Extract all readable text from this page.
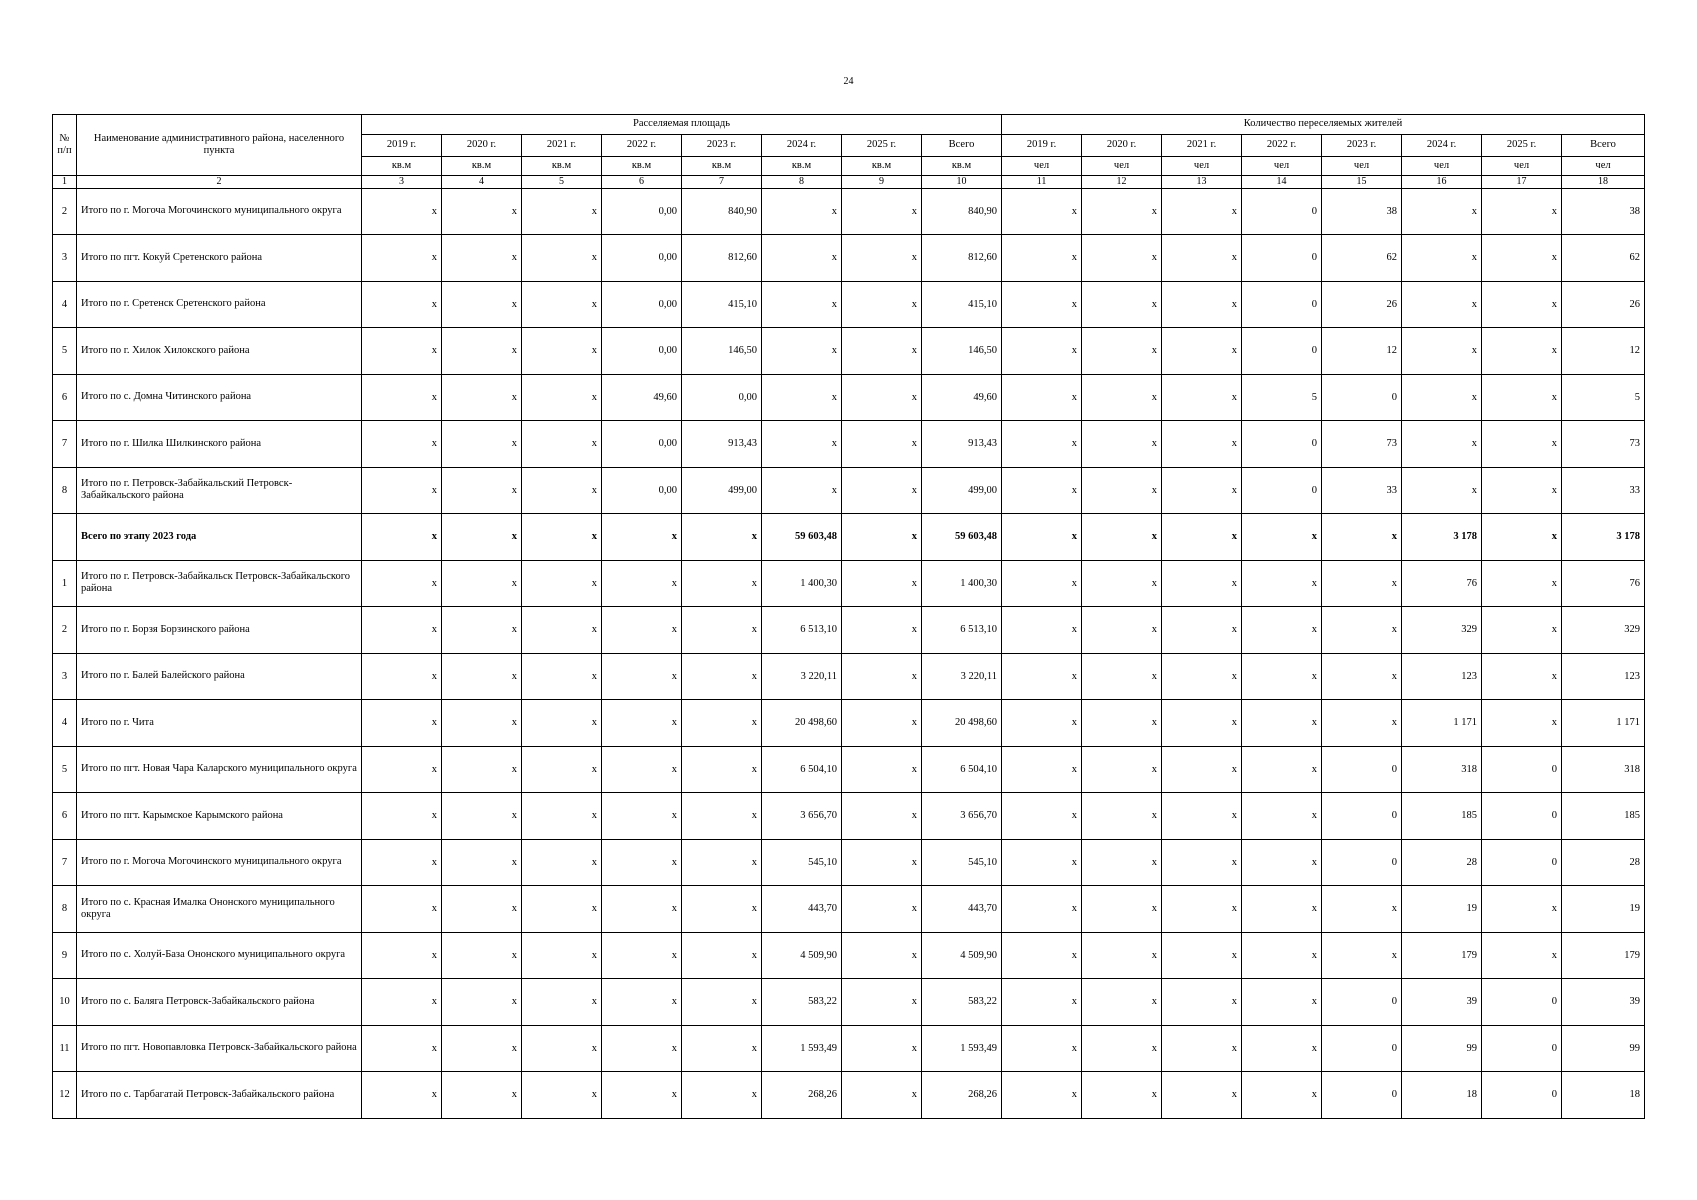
24
№ п/п	Наименование административного района, населенного пункта	Расселяемая площадь								Количество переселяемых жителей							
		2019 г.	2020 г.	2021 г.	2022 г.	2023 г.	2024 г.	2025 г.	Всего	2019 г.	2020 г.	2021 г.	2022 г.	2023 г.	2024 г.	2025 г.	Всего
		кв.м	кв.м	кв.м	кв.м	кв.м	кв.м	кв.м	кв.м	чел	чел	чел	чел	чел	чел	чел	чел
1	2	3	4	5	6	7	8	9	10	11	12	13	14	15	16	17	18
2	Итого по г. Могоча Могочинского муниципального округа	x	x	x	0,00	840,90	x	x	840,90	x	x	x	0	38	x	x	38
3	Итого по пгт. Кокуй Сретенского района	x	x	x	0,00	812,60	x	x	812,60	x	x	x	0	62	x	x	62
4	Итого по г. Сретенск Сретенского района	x	x	x	0,00	415,10	x	x	415,10	x	x	x	0	26	x	x	26
5	Итого по г. Хилок Хилокского района	x	x	x	0,00	146,50	x	x	146,50	x	x	x	0	12	x	x	12
6	Итого по с. Домна Читинского района	x	x	x	49,60	0,00	x	x	49,60	x	x	x	5	0	x	x	5
7	Итого по г. Шилка Шилкинского района	x	x	x	0,00	913,43	x	x	913,43	x	x	x	0	73	x	x	73
8	Итого по г. Петровск-Забайкальский Петровск-Забайкальского района	x	x	x	0,00	499,00	x	x	499,00	x	x	x	0	33	x	x	33
	Всего по этапу 2023 года	x	x	x	x	x	59 603,48	x	59 603,48	x	x	x	x	x	3 178	x	3 178
1	Итого по г. Петровск-Забайкальск Петровск-Забайкальского района	x	x	x	x	x	1 400,30	x	1 400,30	x	x	x	x	x	76	x	76
2	Итого по г. Борзя Борзинского района	x	x	x	x	x	6 513,10	x	6 513,10	x	x	x	x	x	329	x	329
3	Итого по г. Балей Балейского района	x	x	x	x	x	3 220,11	x	3 220,11	x	x	x	x	x	123	x	123
4	Итого по г. Чита	x	x	x	x	x	20 498,60	x	20 498,60	x	x	x	x	x	1 171	x	1 171
5	Итого по пгт. Новая Чара Каларского муниципального округа	x	x	x	x	x	6 504,10	x	6 504,10	x	x	x	x	0	318	0	318
6	Итого по пгт. Карымское Карымского района	x	x	x	x	x	3 656,70	x	3 656,70	x	x	x	x	0	185	0	185
7	Итого по г. Могоча Могочинского муниципального округа	x	x	x	x	x	545,10	x	545,10	x	x	x	x	0	28	0	28
8	Итого по с. Красная Ималка Ононского муниципального округа	x	x	x	x	x	443,70	x	443,70	x	x	x	x	x	19	x	19
9	Итого по с. Холуй-База Ононского муниципального округа	x	x	x	x	x	4 509,90	x	4 509,90	x	x	x	x	x	179	x	179
10	Итого по с. Баляга Петровск-Забайкальского района	x	x	x	x	x	583,22	x	583,22	x	x	x	x	0	39	0	39
11	Итого по пгт. Новопавловка Петровск-Забайкальского района	x	x	x	x	x	1 593,49	x	1 593,49	x	x	x	x	0	99	0	99
12	Итого по с. Тарбагатай Петровск-Забайкальского района	x	x	x	x	x	268,26	x	268,26	x	x	x	x	0	18	0	18
